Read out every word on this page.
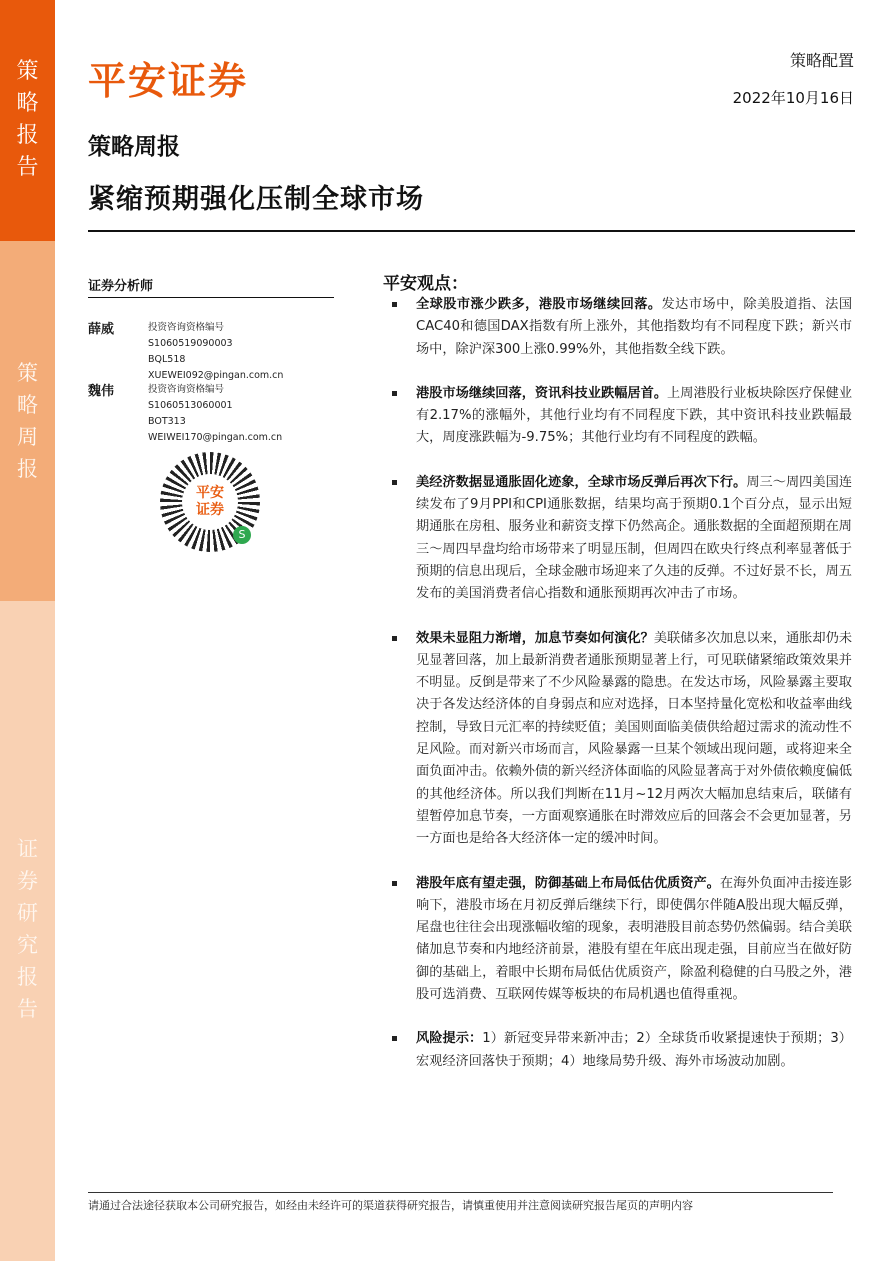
策
略
报
告
策
略
周
报
证
券
研
究
报
告
平安证券	策略配置
2022年10月16日
策略周报
紧缩预期强化压制全球市场
证券分析师
薛威	投资咨询资格编号
S1060519090003
BQL518
XUEWEI092@pingan.com.cn
魏伟	投资咨询资格编号
S1060513060001
BOT313
WEIWEI170@pingan.com.cn
平安
证券
S
平安观点：
全球股市涨少跌多，港股市场继续回落。发达市场中，除美股道指、法国CAC40和德国DAX指数有所上涨外，其他指数均有不同程度下跌；新兴市场中，除沪深300上涨0.99%外，其他指数全线下跌。
港股市场继续回落，资讯科技业跌幅居首。上周港股行业板块除医疗保健业有2.17%的涨幅外，其他行业均有不同程度下跌，其中资讯科技业跌幅最大，周度涨跌幅为-9.75%；其他行业均有不同程度的跌幅。
美经济数据显通胀固化迹象，全球市场反弹后再次下行。周三～周四美国连续发布了9月PPI和CPI通胀数据，结果均高于预期0.1个百分点，显示出短期通胀在房租、服务业和薪资支撑下仍然高企。通胀数据的全面超预期在周三～周四早盘均给市场带来了明显压制，但周四在欧央行终点利率显著低于预期的信息出现后，全球金融市场迎来了久违的反弹。不过好景不长，周五发布的美国消费者信心指数和通胀预期再次冲击了市场。
效果未显阻力渐增，加息节奏如何演化？美联储多次加息以来，通胀却仍未见显著回落，加上最新消费者通胀预期显著上行，可见联储紧缩政策效果并不明显。反倒是带来了不少风险暴露的隐患。在发达市场，风险暴露主要取决于各发达经济体的自身弱点和应对选择，日本坚持量化宽松和收益率曲线控制，导致日元汇率的持续贬值；美国则面临美债供给超过需求的流动性不足风险。而对新兴市场而言，风险暴露一旦某个领域出现问题，或将迎来全面负面冲击。依赖外债的新兴经济体面临的风险显著高于对外债依赖度偏低的其他经济体。所以我们判断在11月~12月两次大幅加息结束后，联储有望暂停加息节奏，一方面观察通胀在时滞效应后的回落会不会更加显著，另一方面也是给各大经济体一定的缓冲时间。
港股年底有望走强，防御基础上布局低估优质资产。在海外负面冲击接连影响下，港股市场在月初反弹后继续下行，即使偶尔伴随A股出现大幅反弹，尾盘也往往会出现涨幅收缩的现象，表明港股目前态势仍然偏弱。结合美联储加息节奏和内地经济前景，港股有望在年底出现走强，目前应当在做好防御的基础上，着眼中长期布局低估优质资产，除盈利稳健的白马股之外，港股可选消费、互联网传媒等板块的布局机遇也值得重视。
风险提示：1）新冠变异带来新冲击；2）全球货币收紧提速快于预期；3）宏观经济回落快于预期；4）地缘局势升级、海外市场波动加剧。
请通过合法途径获取本公司研究报告，如经由未经许可的渠道获得研究报告，请慎重使用并注意阅读研究报告尾页的声明内容
